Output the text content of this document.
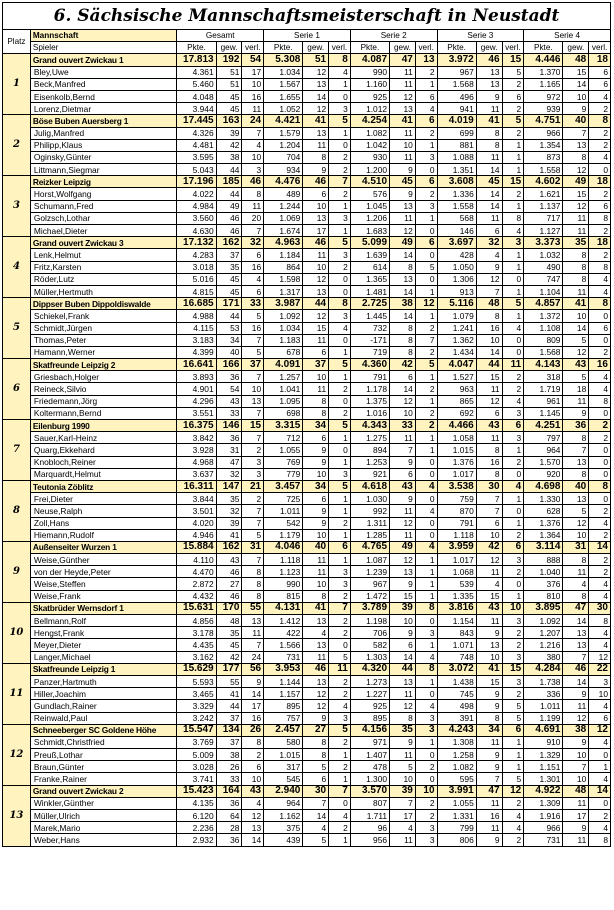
6. Sächsische Mannschaftsmeisterschaft in Neustadt
Platz	Mannschaft	Gesamt			Serie 1			Serie 2			Serie 3			Serie 4		
	Spieler	Pkte.	gew.	verl.	Pkte.	gew.	verl.	Pkte.	gew.	verl.	Pkte.	gew.	verl.	Pkte.	gew.	verl.
1	Grand ouvert Zwickau 1	17.813	192	54	5.308	51	8	4.087	47	13	3.972	46	15	4.446	48	18
	Bley,Uwe	4.361	51	17	1.034	12	4	990	11	2	967	13	5	1.370	15	6
	Beck,Manfred	5.460	51	10	1.567	13	1	1.160	11	1	1.568	13	2	1.165	14	6
	Eisenkolb,Bernd	4.048	45	16	1.655	14	0	925	12	6	496	9	6	972	10	4
	Lorenz,Dietmar	3.944	45	11	1.052	12	3	1.012	13	4	941	11	2	939	9	2
2	Böse Buben Auersberg 1	17.445	163	24	4.421	41	5	4.254	41	6	4.019	41	5	4.751	40	8
	Julig,Manfred	4.326	39	7	1.579	13	1	1.082	11	2	699	8	2	966	7	2
	Philipp,Klaus	4.481	42	4	1.204	11	0	1.042	10	1	881	8	1	1.354	13	2
	Oginsky,Günter	3.595	38	10	704	8	2	930	11	3	1.088	11	1	873	8	4
	Littmann,Siegmar	5.043	44	3	934	9	2	1.200	9	0	1.351	14	1	1.558	12	0
3	Reizker Leipzig	17.196	185	46	4.476	46	7	4.510	45	6	3.608	45	15	4.602	49	18
	Horst,Wolfgang	4.022	44	8	489	6	2	576	9	2	1.336	14	2	1.621	15	2
	Schumann,Fred	4.984	49	11	1.244	10	1	1.045	13	3	1.558	14	1	1.137	12	6
	Golzsch,Lothar	3.560	46	20	1.069	13	3	1.206	11	1	568	11	8	717	11	8
	Michael,Dieter	4.630	46	7	1.674	17	1	1.683	12	0	146	6	4	1.127	11	2
4	Grand ouvert Zwickau 3	17.132	162	32	4.963	46	5	5.099	49	6	3.697	32	3	3.373	35	18
	Lenk,Helmut	4.283	37	6	1.184	11	3	1.639	14	0	428	4	1	1.032	8	2
	Fritz,Karsten	3.018	35	16	864	10	2	614	8	5	1.050	9	1	490	8	8
	Röder,Lutz	5.016	45	4	1.598	12	0	1.365	13	0	1.306	12	0	747	8	4
	Müller,Hertmuth	4.815	45	6	1.317	13	0	1.481	14	1	913	7	1	1.104	11	4
5	Dippser Buben Dippoldiswalde	16.685	171	33	3.987	44	8	2.725	38	12	5.116	48	5	4.857	41	8
	Schiekel,Frank	4.988	44	5	1.092	12	3	1.445	14	1	1.079	8	1	1.372	10	0
	Schmidt,Jürgen	4.115	53	16	1.034	15	4	732	8	2	1.241	16	4	1.108	14	6
	Thomas,Peter	3.183	34	7	1.183	11	0	-171	8	7	1.362	10	0	809	5	0
	Hamann,Werner	4.399	40	5	678	6	1	719	8	2	1.434	14	0	1.568	12	2
6	Skatfreunde Leipzig 2	16.641	166	37	4.091	37	5	4.360	42	5	4.047	44	11	4.143	43	16
	Griesbach,Holger	3.893	36	7	1.257	10	1	791	6	1	1.527	15	2	318	5	4
	Reineck,Silvio	4.901	54	10	1.041	11	2	1.178	14	2	963	11	2	1.719	18	4
	Friedemann,Jörg	4.296	43	13	1.095	8	0	1.375	12	1	865	12	4	961	11	8
	Koltermann,Bernd	3.551	33	7	698	8	2	1.016	10	2	692	6	3	1.145	9	0
7	Eilenburg 1990	16.375	146	15	3.315	34	5	4.343	33	2	4.466	43	6	4.251	36	2
	Sauer,Karl-Heinz	3.842	36	7	712	6	1	1.275	11	1	1.058	11	3	797	8	2
	Quarg,Ekkehard	3.928	31	2	1.055	9	0	894	7	1	1.015	8	1	964	7	0
	Knobloch,Reiner	4.968	47	3	769	9	1	1.253	9	0	1.376	16	2	1.570	13	0
	Marquardt,Helmut	3.637	32	3	779	10	3	921	6	0	1.017	8	0	920	8	0
8	Teutonia Zöblitz	16.311	147	21	3.457	34	5	4.618	43	4	3.538	30	4	4.698	40	8
	Frei,Dieter	3.844	35	2	725	6	1	1.030	9	0	759	7	1	1.330	13	0
	Neuse,Ralph	3.501	32	7	1.011	9	1	992	11	4	870	7	0	628	5	2
	Zoll,Hans	4.020	39	7	542	9	2	1.311	12	0	791	6	1	1.376	12	4
	Hiemann,Rudolf	4.946	41	5	1.179	10	1	1.285	11	0	1.118	10	2	1.364	10	2
9	Außenseiter Wurzen 1	15.884	162	31	4.046	40	6	4.765	49	4	3.959	42	6	3.114	31	14
	Weise,Günther	4.110	43	7	1.118	11	1	1.087	12	1	1.017	12	3	888	8	2
	von der Heyde,Peter	4.470	46	8	1.123	11	3	1.239	13	1	1.068	11	2	1.040	11	2
	Weise,Steffen	2.872	27	8	990	10	3	967	9	1	539	4	0	376	4	4
	Weise,Frank	4.432	46	8	815	8	2	1.472	15	1	1.335	15	1	810	8	4
10	Skatbrüder Wernsdorf 1	15.631	170	55	4.131	41	7	3.789	39	8	3.816	43	10	3.895	47	30
	Bellmann,Rolf	4.856	48	13	1.412	13	2	1.198	10	0	1.154	11	3	1.092	14	8
	Hengst,Frank	3.178	35	11	422	4	2	706	9	3	843	9	2	1.207	13	4
	Meyer,Dieter	4.435	45	7	1.566	13	0	582	6	1	1.071	13	2	1.216	13	4
	Langer,Michael	3.162	42	24	731	11	5	1.303	14	4	748	10	3	380	7	12
11	Skatfreunde Leipzig 1	15.629	177	56	3.953	46	11	4.320	44	8	3.072	41	15	4.284	46	22
	Panzer,Hartmuth	5.593	55	9	1.144	13	2	1.273	13	1	1.438	15	3	1.738	14	3
	Hiller,Joachim	3.465	41	14	1.157	12	2	1.227	11	0	745	9	2	336	9	10
	Gundlach,Rainer	3.329	44	17	895	12	4	925	12	4	498	9	5	1.011	11	4
	Reinwald,Paul	3.242	37	16	757	9	3	895	8	3	391	8	5	1.199	12	6
12	Schneeberger SC Goldene Höhe	15.547	134	26	2.457	27	5	4.156	35	3	4.243	34	6	4.691	38	12
	Schmidt,Christfried	3.769	37	8	580	8	2	971	9	1	1.308	11	1	910	9	4
	Preuß,Lothar	5.009	38	2	1.015	8	1	1.407	11	0	1.258	9	1	1.329	10	0
	Braun,Günter	3.028	26	6	317	5	2	478	5	2	1.082	9	1	1.151	7	1
	Franke,Rainer	3.741	33	10	545	6	1	1.300	10	0	595	7	5	1.301	10	4
13	Grand ouvert Zwickau 2	15.423	164	43	2.940	30	7	3.570	39	10	3.991	47	12	4.922	48	14
	Winkler,Günther	4.135	36	4	964	7	0	807	7	2	1.055	11	2	1.309	11	0
	Müller,Ulrich	6.120	64	12	1.162	14	4	1.711	17	2	1.331	16	4	1.916	17	2
	Marek,Mario	2.236	28	13	375	4	2	96	4	3	799	11	4	966	9	4
	Weber,Hans	2.932	36	14	439	5	1	956	11	3	806	9	2	731	11	8
